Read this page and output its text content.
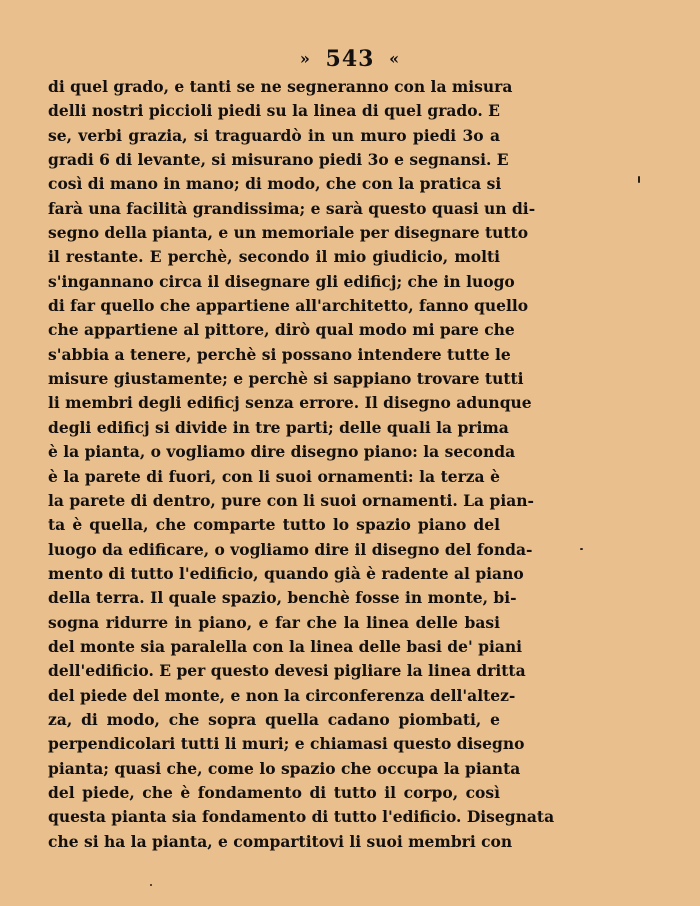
» 543 «
di quel grado, e tanti se ne segneranno con la misura
delli nostri piccioli piedi su la linea di quel grado. E
se, verbi grazia, si traguardò in un muro piedi 3o a
gradi 6 di levante, si misurano piedi 3o e segnansi. E
così di mano in mano; di modo, che con la pratica si
farà una facilità grandissima; e sarà questo quasi un di-
segno della pianta, e un memoriale per disegnare tutto
il restante. E perchè, secondo il mio giudicio, molti
s'ingannano circa il disegnare gli edificj; che in luogo
di far quello che appartiene all'architetto, fanno quello
che appartiene al pittore, dirò qual modo mi pare che
s'abbia a tenere, perchè si possano intendere tutte le
misure giustamente; e perchè si sappiano trovare tutti
li membri degli edificj senza errore. Il disegno adunque
degli edificj si divide in tre parti; delle quali la prima
è la pianta, o vogliamo dire disegno piano: la seconda
è la parete di fuori, con li suoi ornamenti: la terza è
la parete di dentro, pure con li suoi ornamenti. La pian-
ta è quella, che comparte tutto lo spazio piano del
luogo da edificare, o vogliamo dire il disegno del fonda-
mento di tutto l'edificio, quando già è radente al piano
della terra. Il quale spazio, benchè fosse in monte, bi-
sogna ridurre in piano, e far che la linea delle basi
del monte sia paralella con la linea delle basi de' piani
dell'edificio. E per questo devesi pigliare la linea dritta
del piede del monte, e non la circonferenza dell'altez-
za, di modo, che sopra quella cadano piombati, e
perpendicolari tutti li muri; e chiamasi questo disegno
pianta; quasi che, come lo spazio che occupa la pianta
del piede, che è fondamento di tutto il corpo, così
questa pianta sia fondamento di tutto l'edificio. Disegnata
che si ha la pianta, e compartitovi li suoi membri con
